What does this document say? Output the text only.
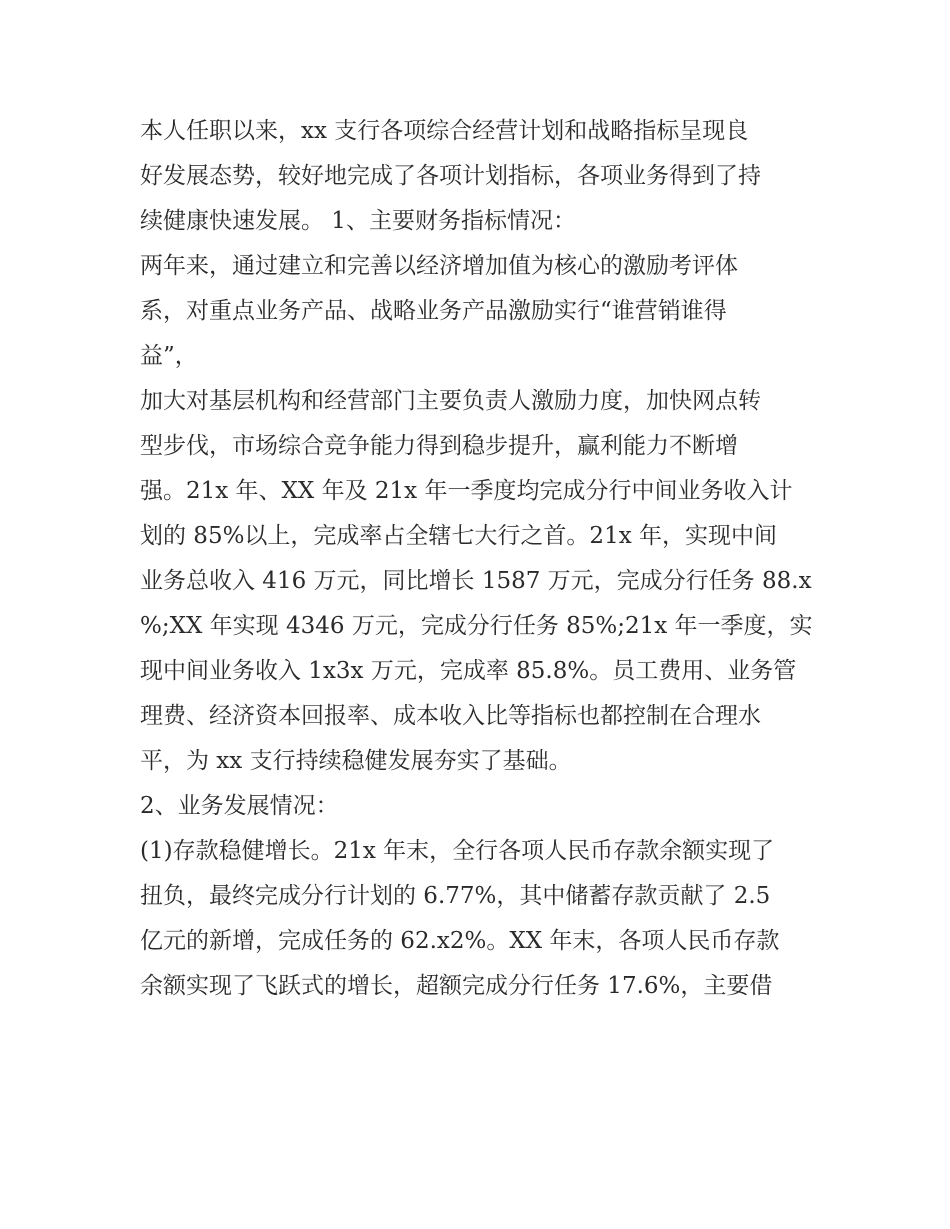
本人任职以来，xx 支行各项综合经营计划和战略指标呈现良
好发展态势，较好地完成了各项计划指标，各项业务得到了持
续健康快速发展。 1、主要财务指标情况：

两年来，通过建立和完善以经济增加值为核心的激励考评体
系，对重点业务产品、战略业务产品激励实行“谁营销谁得
益”，

加大对基层机构和经营部门主要负责人激励力度，加快网点转
型步伐，市场综合竞争能力得到稳步提升，赢利能力不断增
强。21x 年、XX 年及 21x 年一季度均完成分行中间业务收入计
划的 85%以上，完成率占全辖七大行之首。21x 年，实现中间
业务总收入 416 万元，同比增长 1587 万元，完成分行任务 88.x
%;XX 年实现 4346 万元，完成分行任务 85%;21x 年一季度，实
现中间业务收入 1x3x 万元，完成率 85.8%。员工费用、业务管
理费、经济资本回报率、成本收入比等指标也都控制在合理水
平，为 xx 支行持续稳健发展夯实了基础。

2、业务发展情况：

(1)存款稳健增长。21x 年末，全行各项人民币存款余额实现了
扭负，最终完成分行计划的 6.77%，其中储蓄存款贡献了 2.5
亿元的新增，完成任务的 62.x2%。XX 年末，各项人民币存款
余额实现了飞跃式的增长，超额完成分行任务 17.6%，主要借
